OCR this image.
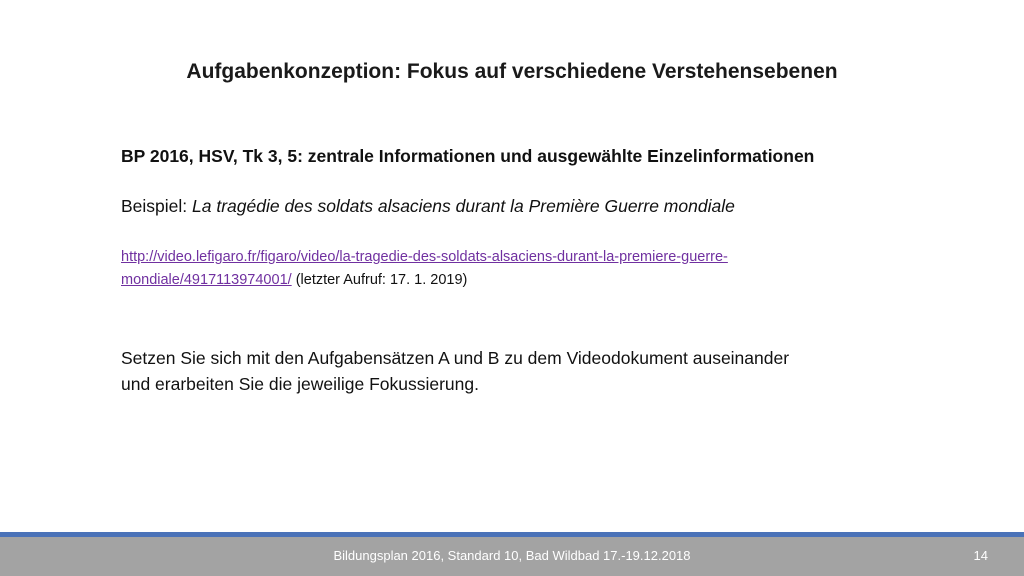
Aufgabenkonzeption: Fokus auf verschiedene Verstehensebenen

BP 2016, HSV, Tk 3, 5: zentrale Informationen und ausgewählte Einzelinformationen

Beispiel: La tragédie des soldats alsaciens durant la Première Guerre mondiale
http://video.lefigaro.fr/figaro/video/la-tragedie-des-soldats-alsaciens-durant-la-premiere-guerre-
mondiale/4917113974001/ (letzter Aufruf: 17. 1. 2019)
Setzen Sie sich mit den Aufgabensätzen A und B zu dem Videodokument auseinander
und erarbeiten Sie die jeweilige Fokussierung.
Bildungsplan 2016, Standard 10, Bad Wildbad 17.-19.12.2018	14
